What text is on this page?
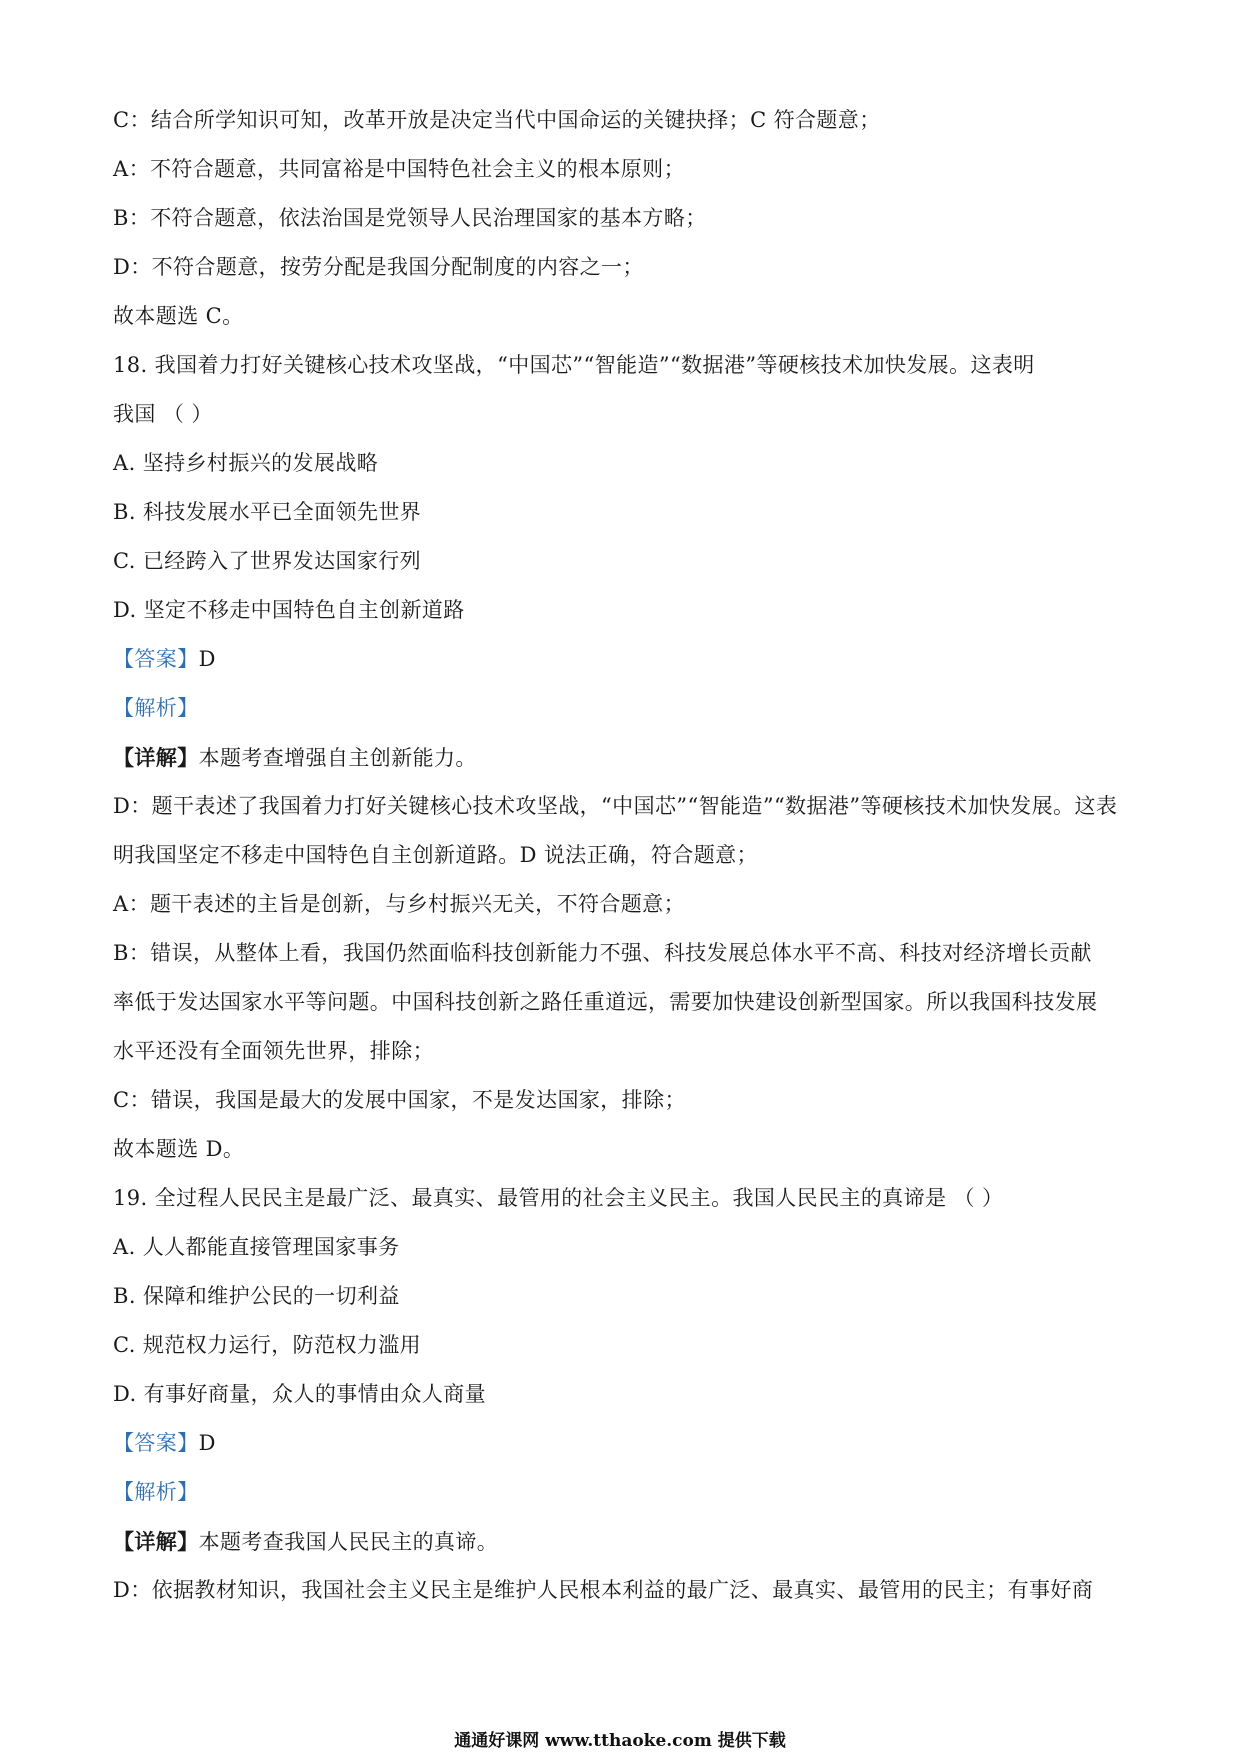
C：结合所学知识可知，改革开放是决定当代中国命运的关键抉择；C 符合题意；
A：不符合题意，共同富裕是中国特色社会主义的根本原则；
B：不符合题意，依法治国是党领导人民治理国家的基本方略；
D：不符合题意，按劳分配是我国分配制度的内容之一；
故本题选 C。
18. 我国着力打好关键核心技术攻坚战，“中国芯”“智能造”“数据港”等硬核技术加快发展。这表明
我国 （ ）
A. 坚持乡村振兴的发展战略
B. 科技发展水平已全面领先世界
C. 已经跨入了世界发达国家行列
D. 坚定不移走中国特色自主创新道路
【答案】D
【解析】
【详解】本题考查增强自主创新能力。
D：题干表述了我国着力打好关键核心技术攻坚战，“中国芯”“智能造”“数据港”等硬核技术加快发展。这表
明我国坚定不移走中国特色自主创新道路。D 说法正确，符合题意；
A：题干表述的主旨是创新，与乡村振兴无关，不符合题意；
B：错误，从整体上看，我国仍然面临科技创新能力不强、科技发展总体水平不高、科技对经济增长贡献
率低于发达国家水平等问题。中国科技创新之路任重道远，需要加快建设创新型国家。所以我国科技发展
水平还没有全面领先世界，排除；
C：错误，我国是最大的发展中国家，不是发达国家，排除；
故本题选 D。
19. 全过程人民民主是最广泛、最真实、最管用的社会主义民主。我国人民民主的真谛是 （ ）
A. 人人都能直接管理国家事务
B. 保障和维护公民的一切利益
C. 规范权力运行，防范权力滥用
D. 有事好商量，众人的事情由众人商量
【答案】D
【解析】
【详解】本题考查我国人民民主的真谛。
D：依据教材知识，我国社会主义民主是维护人民根本利益的最广泛、最真实、最管用的民主；有事好商
通通好课网 www.tthaoke.com 提供下载
